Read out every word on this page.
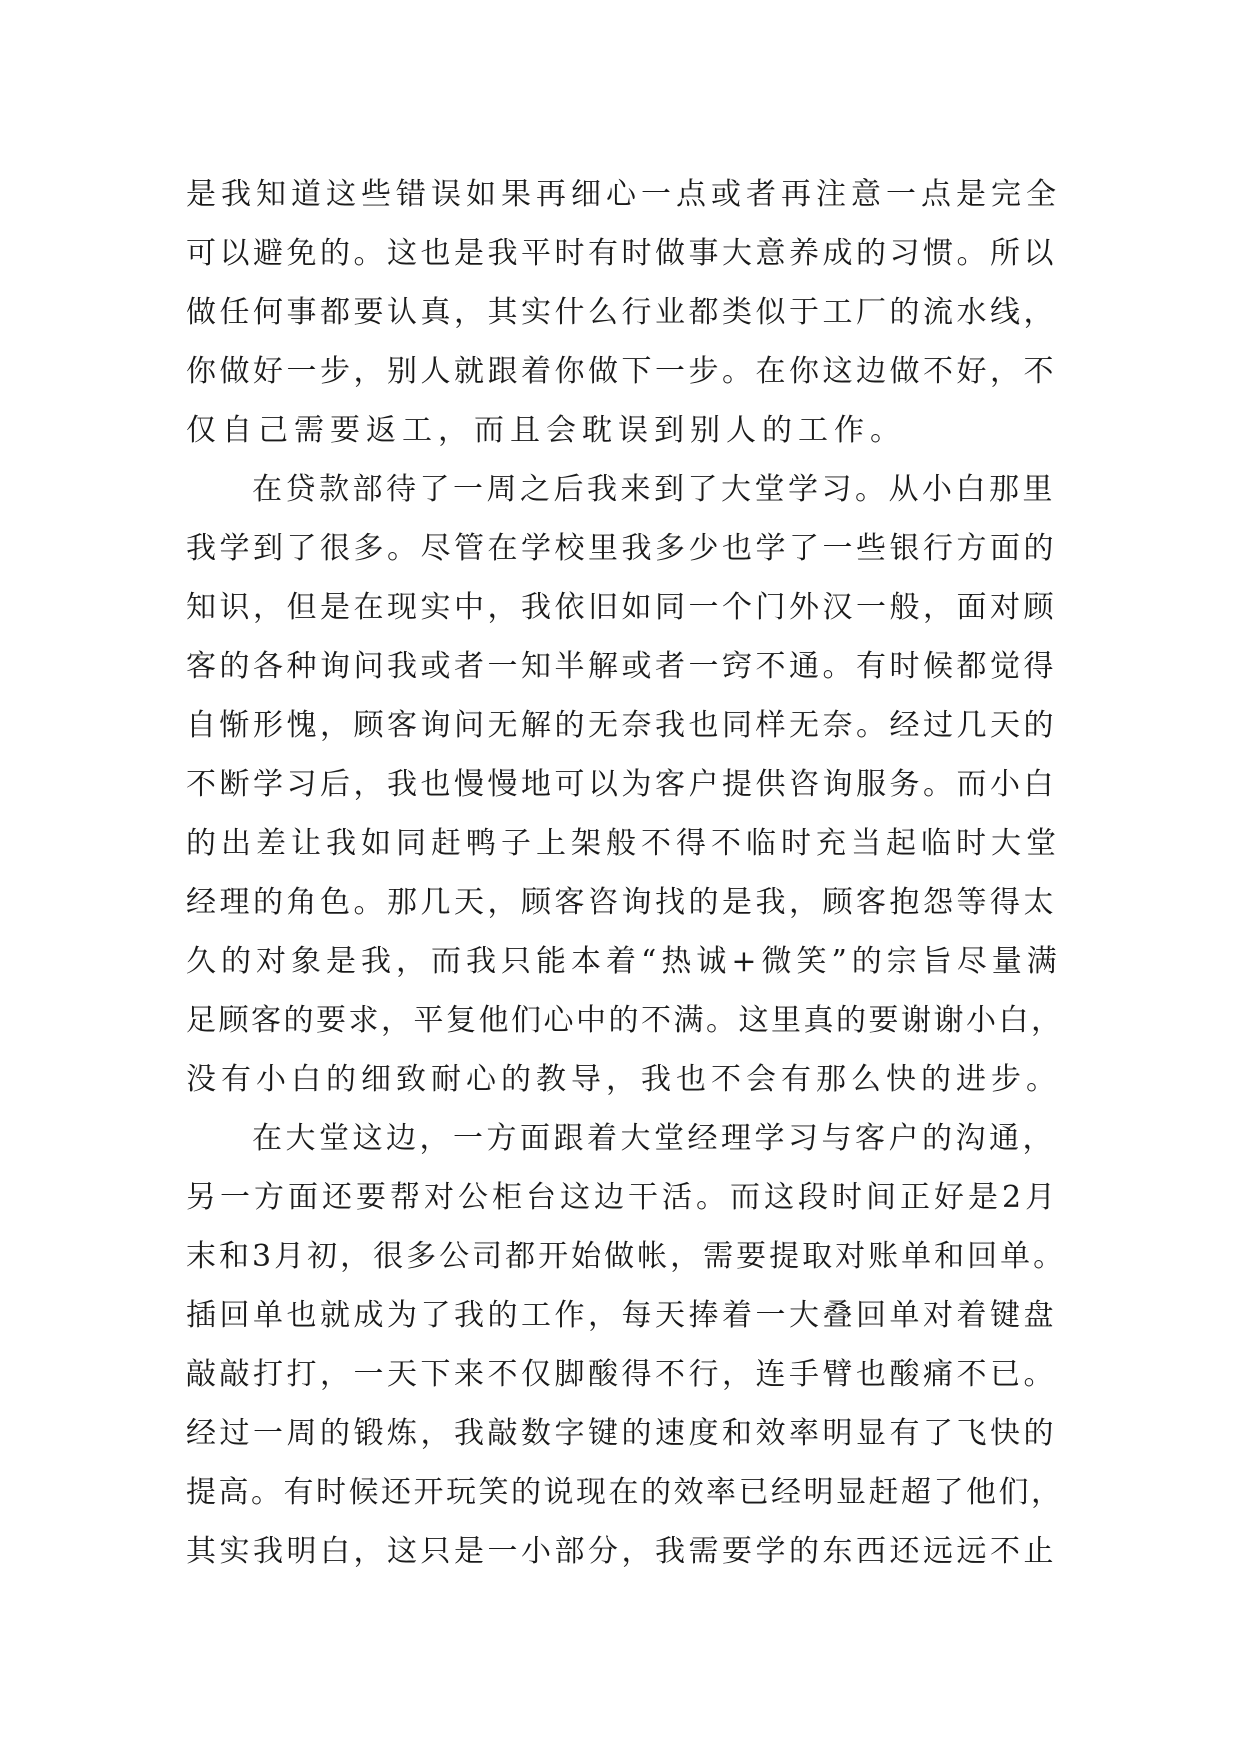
是我知道这些错误如果再细心一点或者再注意一点是完全
可以避免的。这也是我平时有时做事大意养成的习惯。所以
做任何事都要认真，其实什么行业都类似于工厂的流水线，
你做好一步，别人就跟着你做下一步。在你这边做不好，不
仅自己需要返工，而且会耽误到别人的工作。
在贷款部待了一周之后我来到了大堂学习。从小白那里
我学到了很多。尽管在学校里我多少也学了一些银行方面的
知识，但是在现实中，我依旧如同一个门外汉一般，面对顾
客的各种询问我或者一知半解或者一窍不通。有时候都觉得
自惭形愧，顾客询问无解的无奈我也同样无奈。经过几天的
不断学习后，我也慢慢地可以为客户提供咨询服务。而小白
的出差让我如同赶鸭子上架般不得不临时充当起临时大堂
经理的角色。那几天，顾客咨询找的是我，顾客抱怨等得太
久的对象是我，而我只能本着“热诚+微笑”的宗旨尽量满
足顾客的要求，平复他们心中的不满。这里真的要谢谢小白，
没有小白的细致耐心的教导，我也不会有那么快的进步。
在大堂这边，一方面跟着大堂经理学习与客户的沟通，
另一方面还要帮对公柜台这边干活。而这段时间正好是2月
末和3月初，很多公司都开始做帐，需要提取对账单和回单。
插回单也就成为了我的工作，每天捧着一大叠回单对着键盘
敲敲打打，一天下来不仅脚酸得不行，连手臂也酸痛不已。
经过一周的锻炼，我敲数字键的速度和效率明显有了飞快的
提高。有时候还开玩笑的说现在的效率已经明显赶超了他们，
其实我明白，这只是一小部分，我需要学的东西还远远不止
